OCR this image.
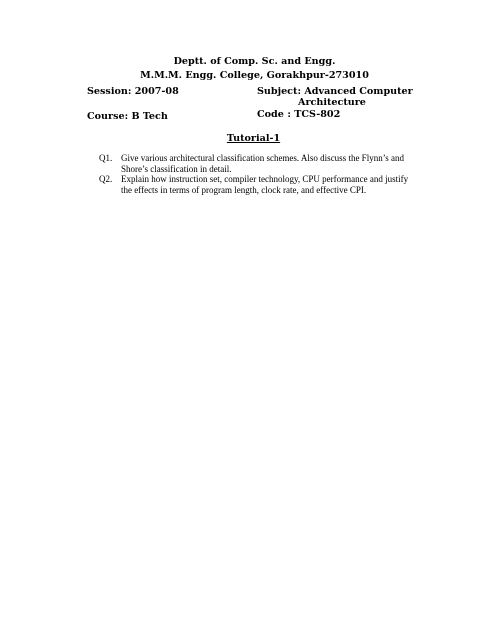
Deptt. of Comp. Sc. and Engg.
M.M.M. Engg. College, Gorakhpur-273010
Session: 2007-08	Subject: Advanced Computer
Architecture
Course: B Tech	Code : TCS-802
Tutorial-1
Q1. Give various architectural classification schemes. Also discuss the Flynn’s and
Shore’s classification in detail.
Q2. Explain how instruction set, compiler technology, CPU performance and justify
the effects in terms of program length, clock rate, and effective CPI.
